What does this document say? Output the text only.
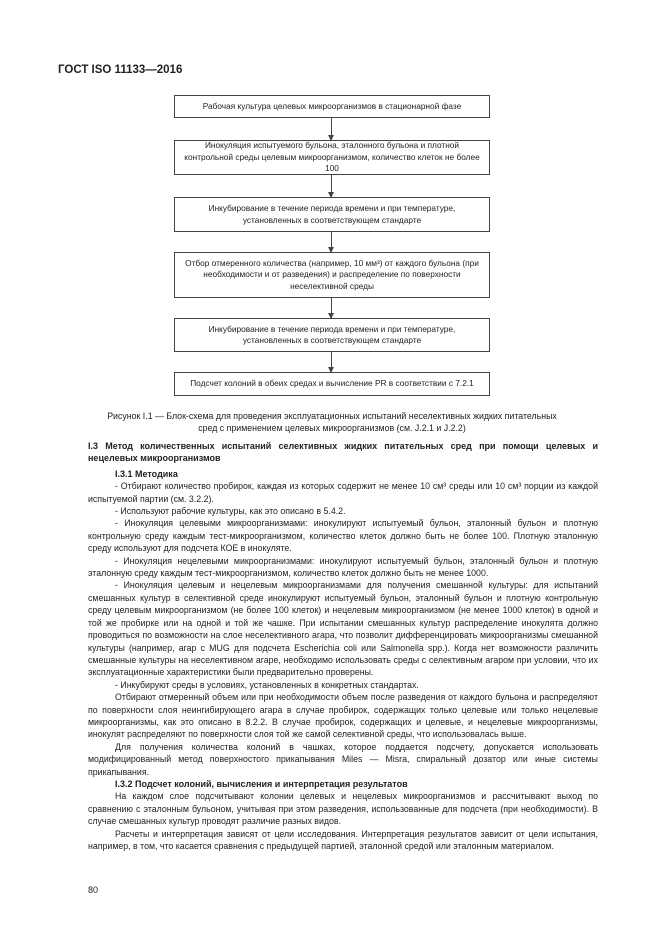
ГОСТ ISO 11133—2016
Рабочая культура целевых микроорганизмов в стационарной фазе
Инокуляция испытуемого бульона, эталонного бульона и плотной контрольной среды целевым микроорганизмом, количество клеток не более 100
Инкубирование в течение периода времени и при температуре, установленных в соответствующем стандарте
Отбор отмеренного количества (например, 10 мм³) от каждого бульона (при необходимости и от разведения) и распределение по поверхности неселективной среды
Инкубирование в течение периода времени и при температуре, установленных в соответствующем стандарте
Подсчет колоний в обеих средах и вычисление PR в соответствии с 7.2.1
Рисунок I.1 — Блок-схема для проведения эксплуатационных испытаний неселективных жидких питательных сред с применением целевых микроорганизмов (см. J.2.1 и J.2.2)
I.3 Метод количественных испытаний селективных жидких питательных сред при помощи целевых и нецелевых микроорганизмов
I.3.1 Методика

- Отбирают количество пробирок, каждая из которых содержит не менее 10 см³ среды или 10 см³ порции из каждой испытуемой партии (см. 3.2.2).

- Используют рабочие культуры, как это описано в 5.4.2.

- Инокуляция целевыми микроорганизмами: инокулируют испытуемый бульон, эталонный бульон и плотную контрольную среду каждым тест-микроорганизмом, количество клеток должно быть не более 100. Плотную эталонную среду используют для подсчета КОЕ в инокуляте.

- Инокуляция нецелевыми микроорганизмами: инокулируют испытуемый бульон, эталонный бульон и плотную эталонную среду каждым тест-микроорганизмом, количество клеток должно быть не менее 1000.

- Инокуляция целевым и нецелевым микроорганизмами для получения смешанной культуры: для испытаний смешанных культур в селективной среде инокулируют испытуемый бульон, эталонный бульон и плотную контрольную среду целевым микроорганизмом (не более 100 клеток) и нецелевым микроорганизмом (не менее 1000 клеток) в одной и той же пробирке или на одной и той же чашке. При испытании смешанных культур распределение инокулята должно проводиться по возможности на слое неселективного агара, что позволит дифференцировать микроорганизмы смешанной культуры (например, агар с MUG для подсчета Escherichia coli или Salmonella spp.). Когда нет возможности различить смешанные культуры на неселективном агаре, необходимо использовать среды с селективным агаром при условии, что их эксплуатационные характеристики были предварительно проверены.

- Инкубируют среды в условиях, установленных в конкретных стандартах.

Отбирают отмеренный объем или при необходимости объем после разведения от каждого бульона и распределяют по поверхности слоя неингибирующего агара в случае пробирок, содержащих только целевые или только нецелевые микроорганизмы, как это описано в 8.2.2. В случае пробирок, содержащих и целевые, и нецелевые микроорганизмы, инокулят распределяют по поверхности слоя той же самой селективной среды, что использовалась выше.

Для получения количества колоний в чашках, которое поддается подсчету, допускается использовать модифицированный метод поверхностого прикапывания Miles — Misra, спиральный дозатор или иные системы прикапывания.

I.3.2 Подсчет колоний, вычисления и интерпретация результатов

На каждом слое подсчитывают колонии целевых и нецелевых микроорганизмов и рассчитывают выход по сравнению с эталонным бульоном, учитывая при этом разведения, использованные для подсчета (при необходимости). В случае смешанных культур проводят различие разных видов.

Расчеты и интерпретация зависят от цели исследования. Интерпретация результатов зависит от цели испытания, например, в том, что касается сравнения с предыдущей партией, эталонной средой или эталонным материалом.

80
